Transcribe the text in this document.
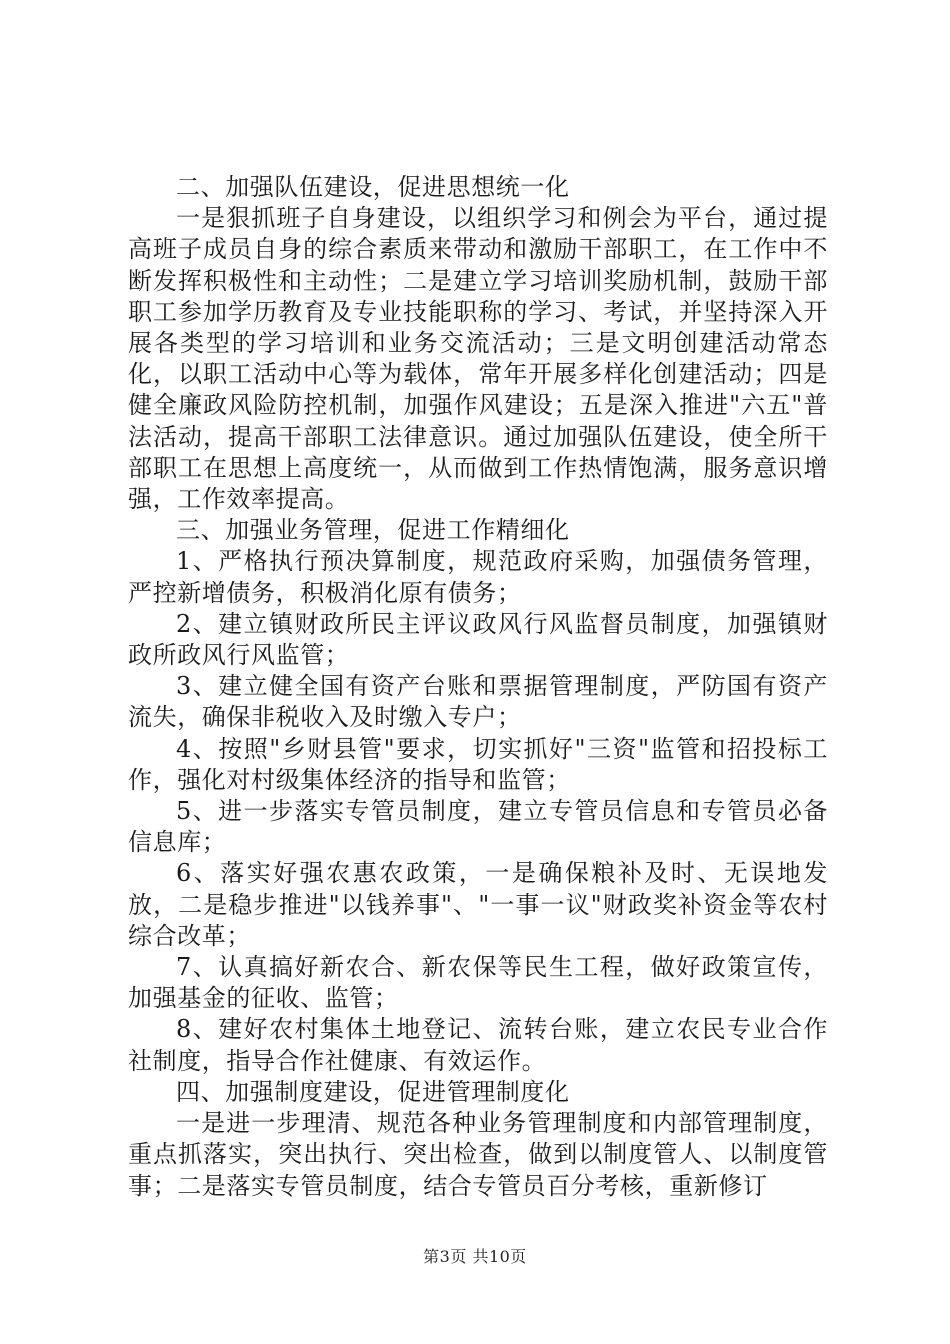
二、加强队伍建设，促进思想统一化

一是狠抓班子自身建设，以组织学习和例会为平台，通过提高班子成员自身的综合素质来带动和激励干部职工，在工作中不断发挥积极性和主动性；二是建立学习培训奖励机制，鼓励干部职工参加学历教育及专业技能职称的学习、考试，并坚持深入开展各类型的学习培训和业务交流活动；三是文明创建活动常态化，以职工活动中心等为载体，常年开展多样化创建活动；四是健全廉政风险防控机制，加强作风建设；五是深入推进"六五"普法活动，提高干部职工法律意识。通过加强队伍建设，使全所干部职工在思想上高度统一，从而做到工作热情饱满，服务意识增强，工作效率提高。

三、加强业务管理，促进工作精细化

1、严格执行预决算制度，规范政府采购，加强债务管理，严控新增债务，积极消化原有债务；

2、建立镇财政所民主评议政风行风监督员制度，加强镇财政所政风行风监管；

3、建立健全国有资产台账和票据管理制度，严防国有资产流失，确保非税收入及时缴入专户；

4、按照"乡财县管"要求，切实抓好"三资"监管和招投标工作，强化对村级集体经济的指导和监管；

5、进一步落实专管员制度，建立专管员信息和专管员必备信息库；

6、落实好强农惠农政策，一是确保粮补及时、无误地发放，二是稳步推进"以钱养事"、"一事一议"财政奖补资金等农村综合改革；

7、认真搞好新农合、新农保等民生工程，做好政策宣传，加强基金的征收、监管；

8、建好农村集体土地登记、流转台账，建立农民专业合作社制度，指导合作社健康、有效运作。

四、加强制度建设，促进管理制度化

一是进一步理清、规范各种业务管理制度和内部管理制度，重点抓落实，突出执行、突出检查，做到以制度管人、以制度管事；二是落实专管员制度，结合专管员百分考核，重新修订

第3页 共10页
